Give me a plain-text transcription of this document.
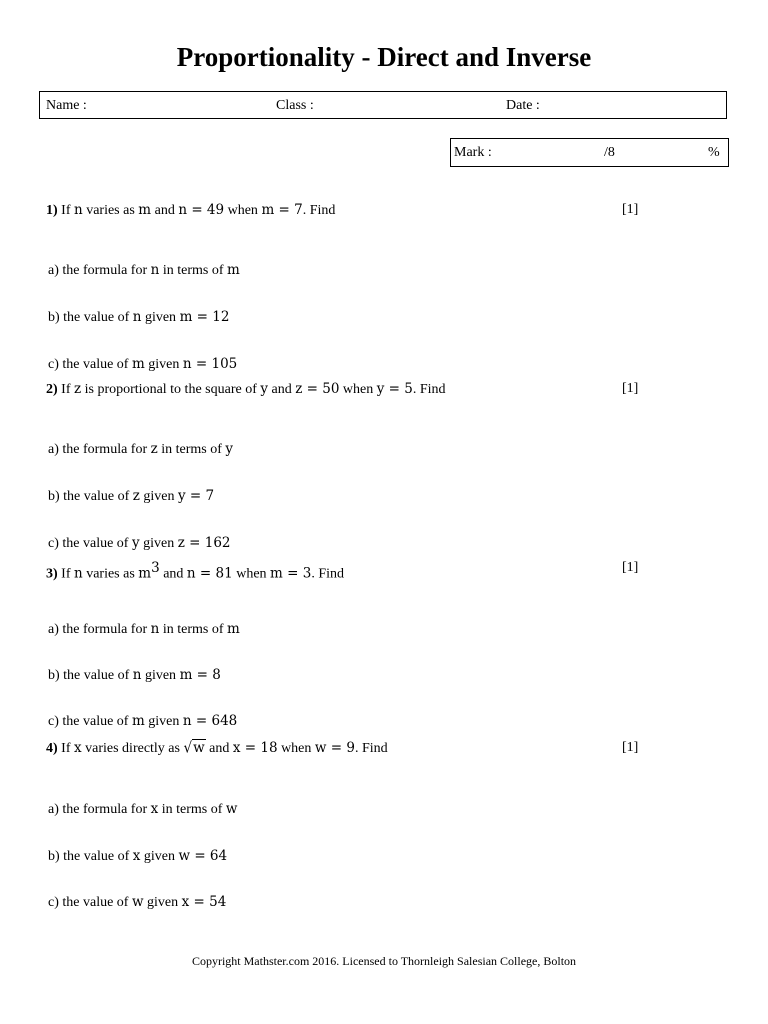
Proportionality - Direct and Inverse
Name :	Class :	Date :
Mark :	/8	%
1) If n varies as m and n = 49 when m = 7. Find	[1]
a) the formula for n in terms of m
b) the value of n given m = 12
c) the value of m given n = 105
2) If z is proportional to the square of y and z = 50 when y = 5. Find	[1]
a) the formula for z in terms of y
b) the value of z given y = 7
c) the value of y given z = 162
3) If n varies as $m^3$ and n = 81 when m = 3. Find	[1]
a) the formula for n in terms of m
b) the value of n given m = 8
c) the value of m given n = 648
4) If x varies directly as √w and x = 18 when w = 9. Find	[1]
a) the formula for x in terms of w
b) the value of x given w = 64
c) the value of w given x = 54
Copyright Mathster.com 2016. Licensed to Thornleigh Salesian College, Bolton
